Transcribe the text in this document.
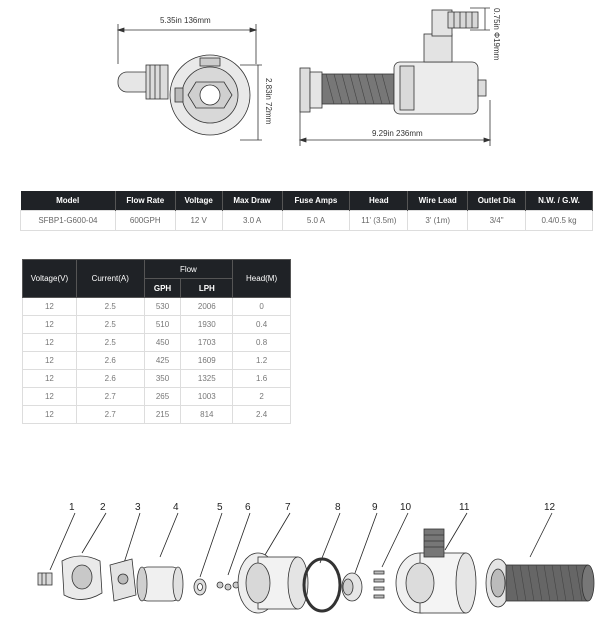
5.35in 136mm
2.83in 72mm
9.29in 236mm
0.75in Ф19mm
Model	Flow Rate	Voltage	Max Draw	Fuse Amps	Head	Wire Lead	Outlet Dia	N.W. / G.W.
SFBP1-G600-04	600GPH	12 V	3.0 A	5.0 A	11' (3.5m)	3' (1m)	3/4"	0.4/0.5 kg
Voltage(V)	Current(A)	Flow		Head(M)
		GPH	LPH	
12	2.5	530	2006	0
12	2.5	510	1930	0.4
12	2.5	450	1703	0.8
12	2.6	425	1609	1.2
12	2.6	350	1325	1.6
12	2.7	265	1003	2
12	2.7	215	814	2.4
1	2	3	4	5 6	7	8	9 10	11	12
